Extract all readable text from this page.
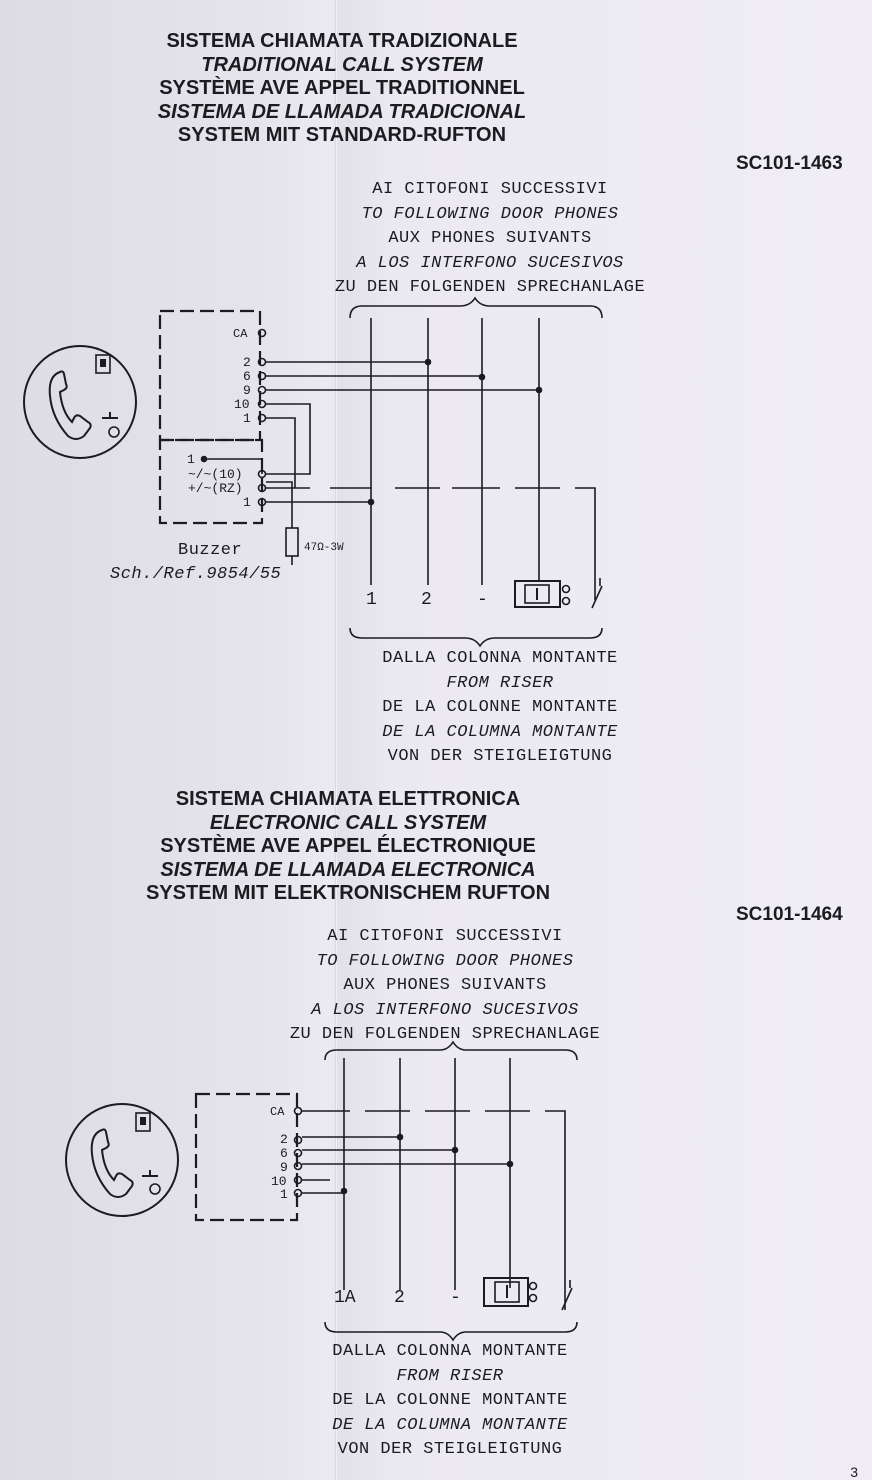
SISTEMA CHIAMATA TRADIZIONALE
TRADITIONAL CALL SYSTEM
SYSTÈME AVE APPEL TRADITIONNEL
SISTEMA DE LLAMADA TRADICIONAL
SYSTEM MIT STANDARD-RUFTON
SC101-1463
AI CITOFONI SUCCESSIVI
TO FOLLOWING DOOR PHONES
AUX PHONES SUIVANTS
A LOS INTERFONO SUCESIVOS
ZU DEN FOLGENDEN SPRECHANLAGE
DALLA COLONNA MONTANTE
FROM RISER
DE LA COLONNE MONTANTE
DE LA COLUMNA MONTANTE
VON DER STEIGLEIGTUNG
Buzzer
Sch./Ref.9854/55
SISTEMA CHIAMATA ELETTRONICA
ELECTRONIC CALL SYSTEM
SYSTÈME AVE APPEL ÉLECTRONIQUE
SISTEMA DE LLAMADA ELECTRONICA
SYSTEM MIT ELEKTRONISCHEM RUFTON
SC101-1464
AI CITOFONI SUCCESSIVI
TO FOLLOWING DOOR PHONES
AUX PHONES SUIVANTS
A LOS INTERFONO SUCESIVOS
ZU DEN FOLGENDEN SPRECHANLAGE
DALLA COLONNA MONTANTE
FROM RISER
DE LA COLONNE MONTANTE
DE LA COLUMNA MONTANTE
VON DER STEIGLEIGTUNG
3
47Ω-3W
CA
2
6
9
10
1
1
~/~(10)
+/~(RZ)
1
1 2	-
CA
2
6
9
10
1
1A 2	-
